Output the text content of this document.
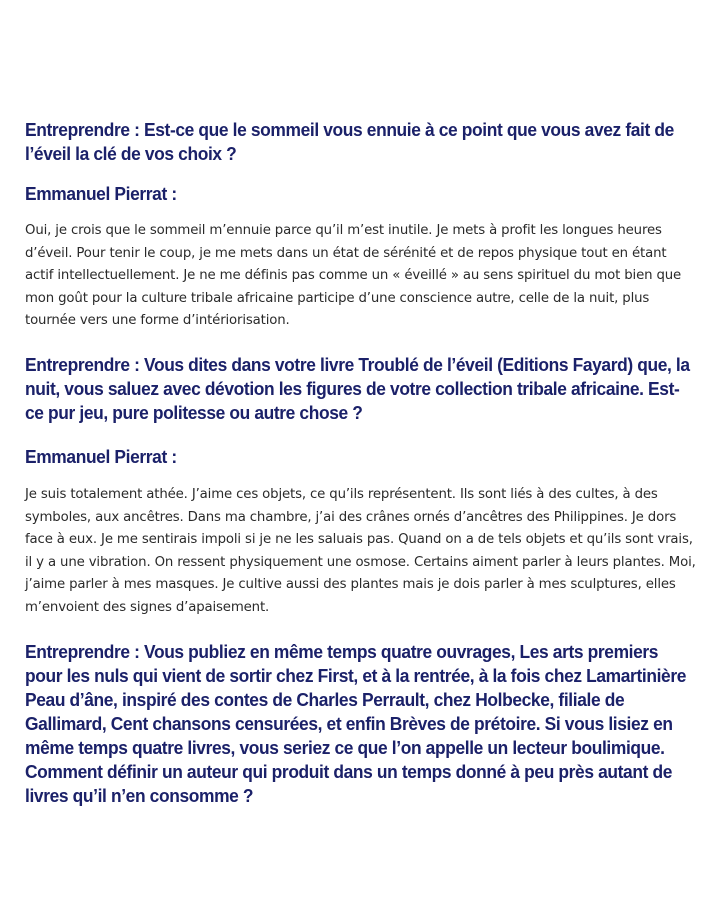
Entreprendre : Est-ce que le sommeil vous ennuie à ce point que vous avez fait de l’éveil la clé de vos choix ?

Emmanuel Pierrat :

Oui, je crois que le sommeil m’ennuie parce qu’il m’est inutile. Je mets à profit les longues heures d’éveil. Pour tenir le coup, je me mets dans un état de sérénité et de repos physique tout en étant actif intellectuellement. Je ne me définis pas comme un « éveillé » au sens spirituel du mot bien que mon goût pour la culture tribale africaine participe d’une conscience autre, celle de la nuit, plus tournée vers une forme d’intériorisation.

Entreprendre : Vous dites dans votre livre Troublé de l’éveil (Editions Fayard) que, la nuit, vous saluez avec dévotion les figures de votre collection tribale africaine. Est-ce pur jeu, pure politesse ou autre chose ?

Emmanuel Pierrat :

Je suis totalement athée. J’aime ces objets, ce qu’ils représentent. Ils sont liés à des cultes, à des symboles, aux ancêtres. Dans ma chambre, j’ai des crânes ornés d’ancêtres des Philippines. Je dors face à eux. Je me sentirais impoli si je ne les saluais pas. Quand on a de tels objets et qu’ils sont vrais, il y a une vibration. On ressent physiquement une osmose. Certains aiment parler à leurs plantes. Moi, j’aime parler à mes masques. Je cultive aussi des plantes mais je dois parler à mes sculptures, elles m’envoient des signes d’apaisement.

Entreprendre : Vous publiez en même temps quatre ouvrages, Les arts premiers pour les nuls qui vient de sortir chez First, et à la rentrée, à la fois chez Lamartinière Peau d’âne, inspiré des contes de Charles Perrault, chez Holbecke, filiale de Gallimard, Cent chansons censurées, et enfin Brèves de prétoire. Si vous lisiez en même temps quatre livres, vous seriez ce que l’on appelle un lecteur boulimique. Comment définir un auteur qui produit dans un temps donné à peu près autant de livres qu’il n’en consomme ?
